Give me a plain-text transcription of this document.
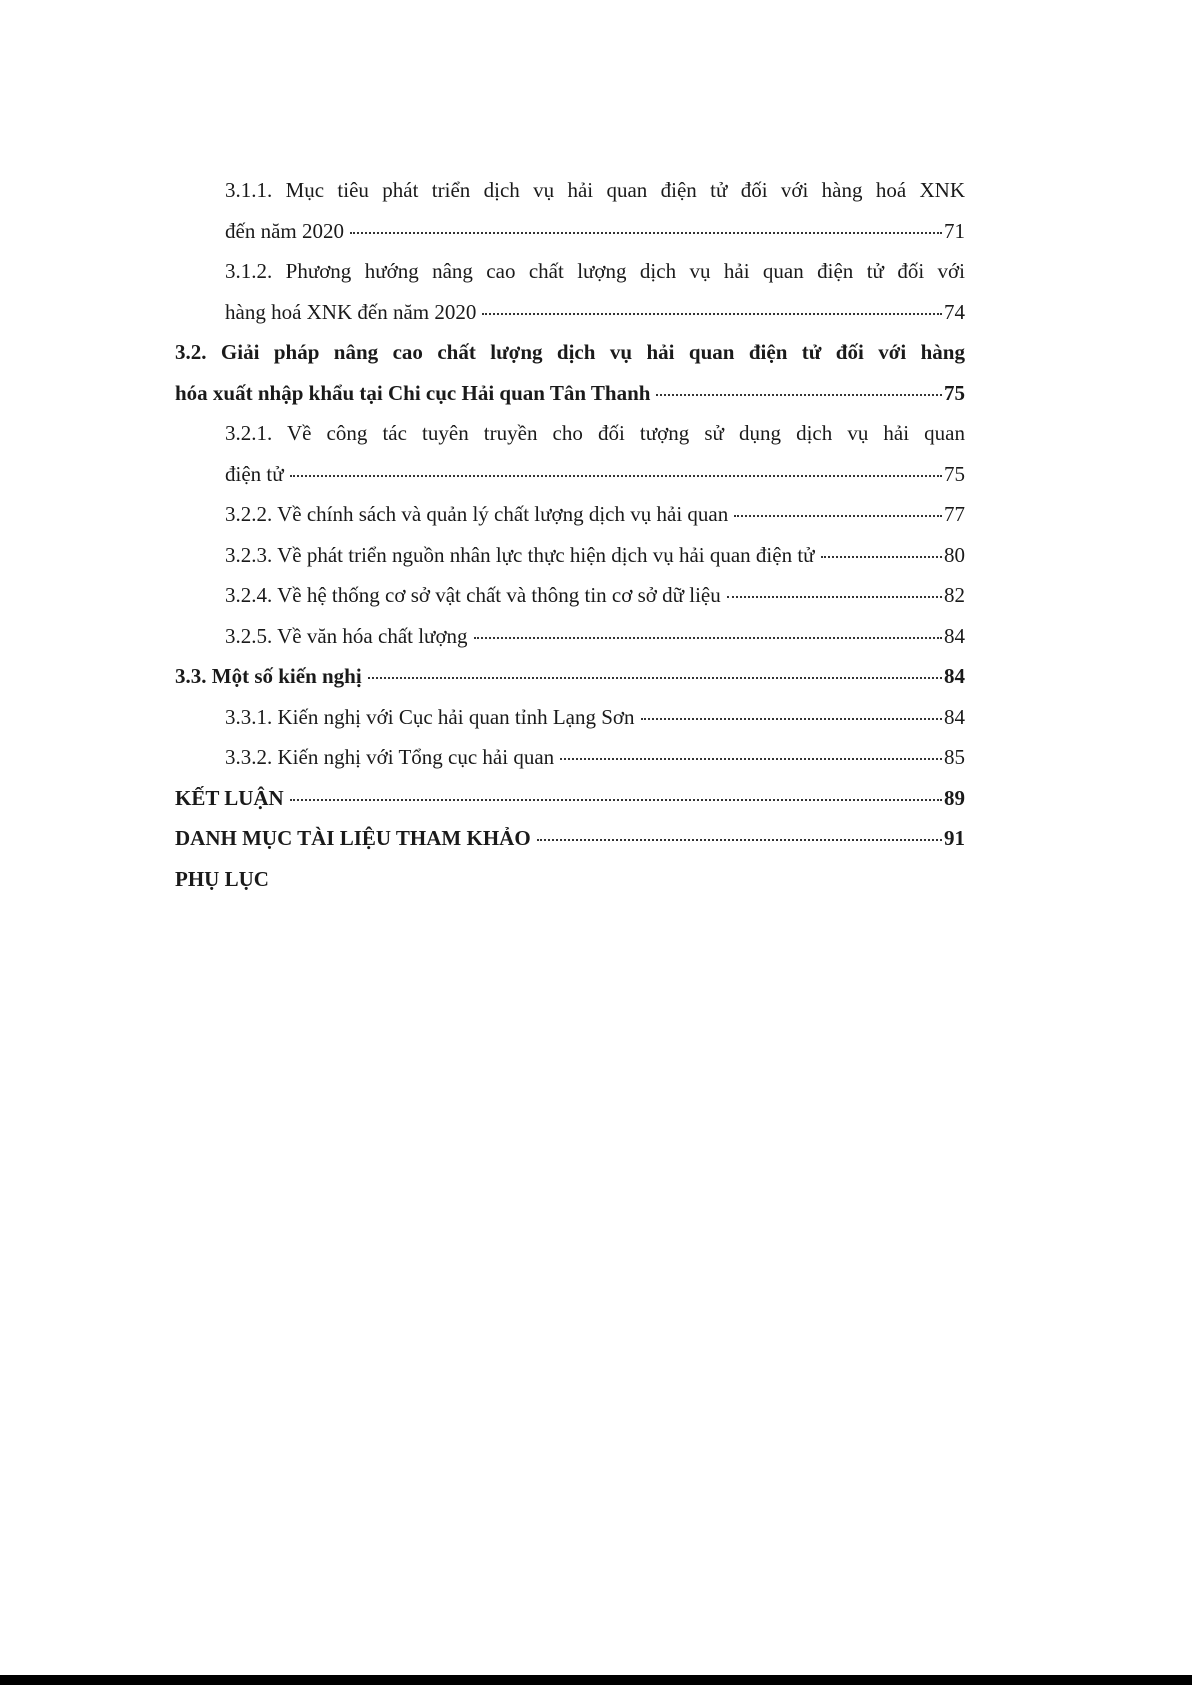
3.1.1. Mục tiêu phát triển dịch vụ hải quan điện tử đối với hàng hoá XNK
đến năm 2020	71
3.1.2. Phương hướng nâng cao chất lượng dịch vụ hải quan điện tử đối với
hàng hoá XNK đến năm 2020	74
3.2. Giải pháp nâng cao chất lượng dịch vụ hải quan điện tử đối với hàng
hóa xuất nhập khẩu tại Chi cục Hải quan Tân Thanh	75
3.2.1. Về công tác tuyên truyền cho đối tượng sử dụng dịch vụ hải quan
điện tử	75
3.2.2. Về chính sách và quản lý chất lượng dịch vụ hải quan	77
3.2.3. Về phát triển nguồn nhân lực thực hiện dịch vụ hải quan điện tử	80
3.2.4. Về hệ thống cơ sở vật chất và thông tin cơ sở dữ liệu	82
3.2.5. Về văn hóa chất lượng	84
3.3. Một số kiến nghị	84
3.3.1. Kiến nghị với Cục hải quan tỉnh Lạng Sơn	84
3.3.2. Kiến nghị với Tổng cục hải quan	85
KẾT LUẬN	89
DANH MỤC TÀI LIỆU THAM KHẢO	91
PHỤ LỤC
